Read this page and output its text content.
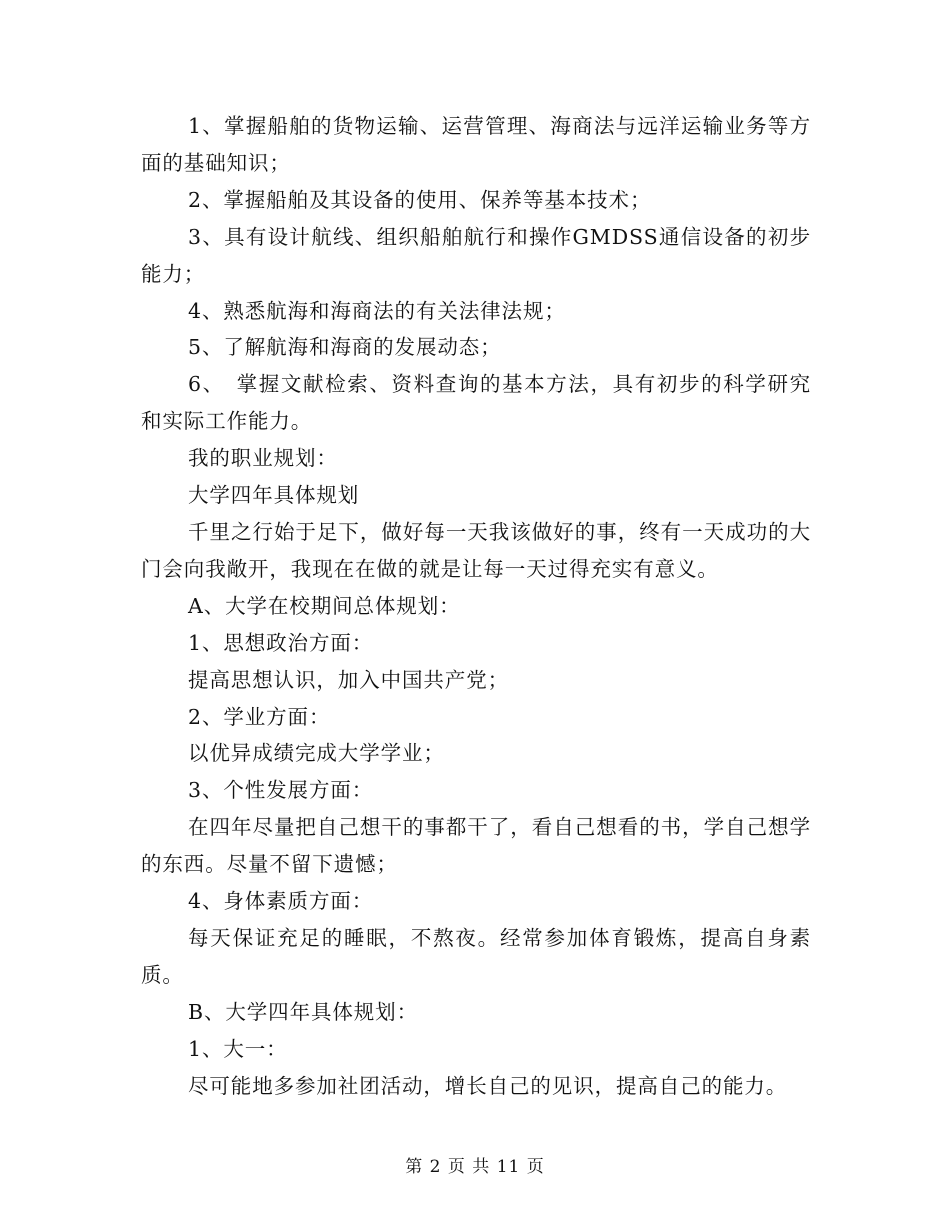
1、掌握船舶的货物运输、运营管理、海商法与远洋运输业务等方面的基础知识；

2、掌握船舶及其设备的使用、保养等基本技术；

3、具有设计航线、组织船舶航行和操作GMDSS通信设备的初步能力；

4、熟悉航海和海商法的有关法律法规；

5、了解航海和海商的发展动态；

6、　掌握文献检索、资料查询的基本方法，具有初步的科学研究和实际工作能力。

我的职业规划：

大学四年具体规划

千里之行始于足下，做好每一天我该做好的事，终有一天成功的大门会向我敞开，我现在在做的就是让每一天过得充实有意义。

A、大学在校期间总体规划：

1、思想政治方面：

提高思想认识，加入中国共产党；

2、学业方面：

以优异成绩完成大学学业；

3、个性发展方面：

在四年尽量把自己想干的事都干了，看自己想看的书，学自己想学的东西。尽量不留下遗憾；

4、身体素质方面：

每天保证充足的睡眠，不熬夜。经常参加体育锻炼，提高自身素质。

B、大学四年具体规划：

1、大一：

尽可能地多参加社团活动，增长自己的见识，提高自己的能力。

第 2 页 共 11 页
